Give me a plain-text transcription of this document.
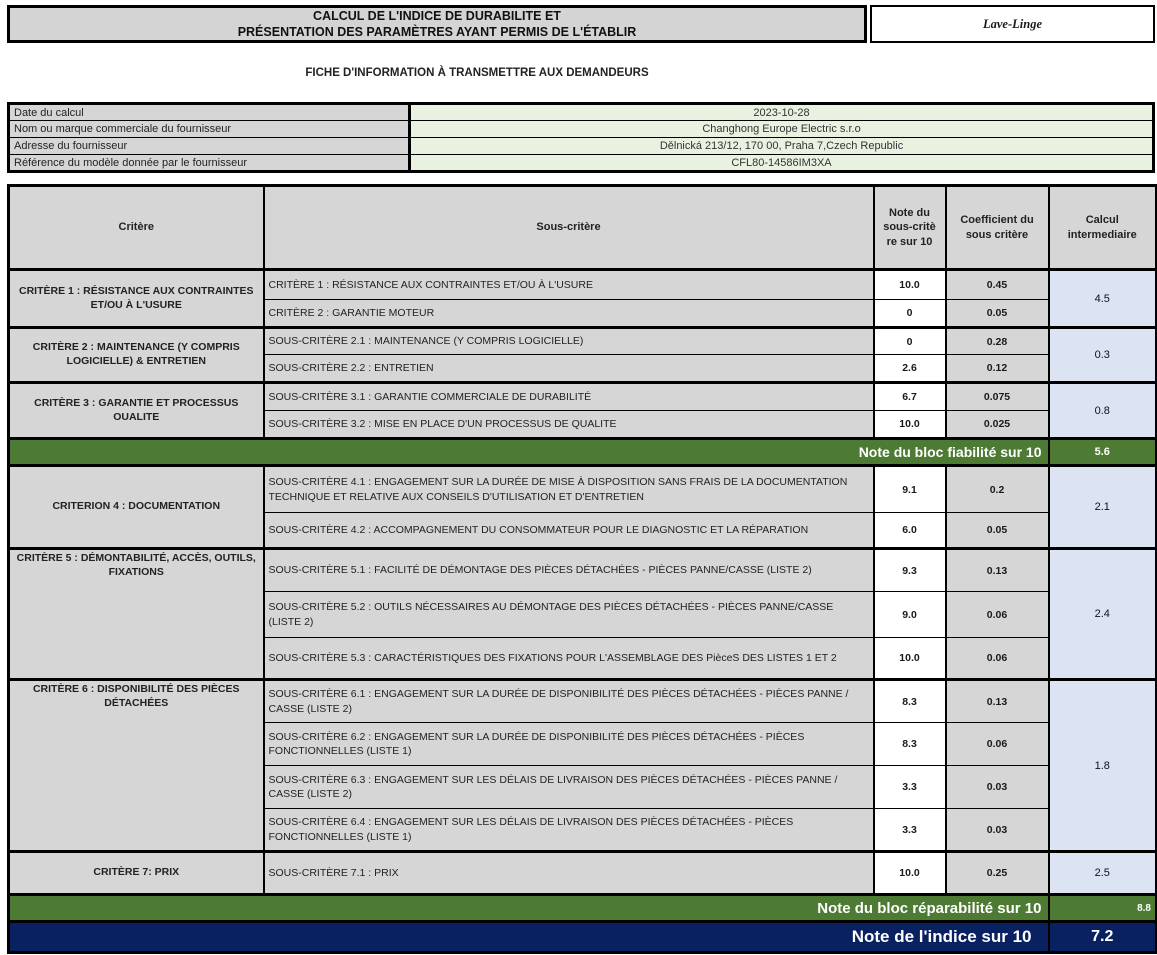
CALCUL DE L'INDICE DE DURABILITE ET
PRÉSENTATION DES PARAMÈTRES AYANT PERMIS DE L'ÉTABLIR
Lave-Linge
FICHE D'INFORMATION À TRANSMETTRE AUX DEMANDEURS
Date du calcul	2023-10-28
Nom ou marque commerciale du fournisseur	Changhong Europe Electric s.r.o
Adresse du fournisseur	Dělnická 213/12, 170 00, Praha 7,Czech Republic
Référence du modèle donnée par le fournisseur	CFL80-14586IM3XA
Critère	Sous-critère	Note du sous-critè re sur 10	Coefficient du sous critère	Calcul intermediaire
CRITÈRE 1 : RÉSISTANCE AUX CONTRAINTES ET/OU À L'USURE	CRITÈRE 1 : RÉSISTANCE AUX CONTRAINTES ET/OU À L'USURE	10.0	0.45	4.5
	CRITÈRE 2 : GARANTIE MOTEUR	0	0.05	
CRITÈRE 2 : MAINTENANCE (Y COMPRIS LOGICIELLE) & ENTRETIEN	SOUS-CRITÈRE 2.1 : MAINTENANCE (Y COMPRIS LOGICIELLE)	0	0.28	0.3
	SOUS-CRITÈRE 2.2 : ENTRETIEN	2.6	0.12	
CRITÈRE 3 : GARANTIE ET PROCESSUS OUALITE	SOUS-CRITÈRE 3.1 : GARANTIE COMMERCIALE DE DURABILITÉ	6.7	0.075	0.8
	SOUS-CRITÈRE 3.2 : MISE EN PLACE D'UN PROCESSUS DE QUALITE	10.0	0.025	
Note du bloc fiabilité sur 10				5.6
CRITERION 4 : DOCUMENTATION	SOUS-CRITÈRE 4.1 : ENGAGEMENT SUR LA DURÉE DE MISE À DISPOSITION SANS FRAIS DE LA DOCUMENTATION TECHNIQUE ET RELATIVE AUX CONSEILS D'UTILISATION ET D'ENTRETIEN	9.1	0.2	2.1
	SOUS-CRITÈRE 4.2 : ACCOMPAGNEMENT DU CONSOMMATEUR POUR LE DIAGNOSTIC ET LA RÉPARATION	6.0	0.05	
CRITÈRE 5 : DÉMONTABILITÉ, ACCÈS, OUTILS, FIXATIONS	SOUS-CRITÈRE 5.1 : FACILITÉ DE DÉMONTAGE DES PIÈCES DÉTACHÉES - PIÈCES PANNE/CASSE (LISTE 2)	9.3	0.13	2.4
	SOUS-CRITÈRE 5.2 : OUTILS NÉCESSAIRES AU DÉMONTAGE DES PIÈCES DÉTACHÉES - PIÈCES PANNE/CASSE (LISTE 2)	9.0	0.06	
	SOUS-CRITÈRE 5.3 : CARACTÉRISTIQUES DES FIXATIONS POUR L'ASSEMBLAGE DES PièceS DES LISTES 1 ET 2	10.0	0.06	
CRITÈRE 6 : DISPONIBILITÉ DES PIÈCES DÉTACHÉES	SOUS-CRITÈRE 6.1 : ENGAGEMENT SUR LA DURÉE DE DISPONIBILITÉ DES PIÈCES DÉTACHÉES - PIÈCES PANNE / CASSE (LISTE 2)	8.3	0.13	1.8
	SOUS-CRITÈRE 6.2 : ENGAGEMENT SUR LA DURÉE DE DISPONIBILITÉ DES PIÈCES DÉTACHÉES - PIÈCES FONCTIONNELLES (LISTE 1)	8.3	0.06	
	SOUS-CRITÈRE 6.3 : ENGAGEMENT SUR LES DÉLAIS DE LIVRAISON DES PIÈCES DÉTACHÉES - PIÈCES PANNE / CASSE (LISTE 2)	3.3	0.03	
	SOUS-CRITÈRE 6.4 : ENGAGEMENT SUR LES DÉLAIS DE LIVRAISON DES PIÈCES DÉTACHÉES - PIÈCES FONCTIONNELLES (LISTE 1)	3.3	0.03	
CRITÈRE 7: PRIX	SOUS-CRITÈRE 7.1 : PRIX	10.0	0.25	2.5
Note du bloc réparabilité sur 10				8.8
Note de l'indice sur 10				7.2
